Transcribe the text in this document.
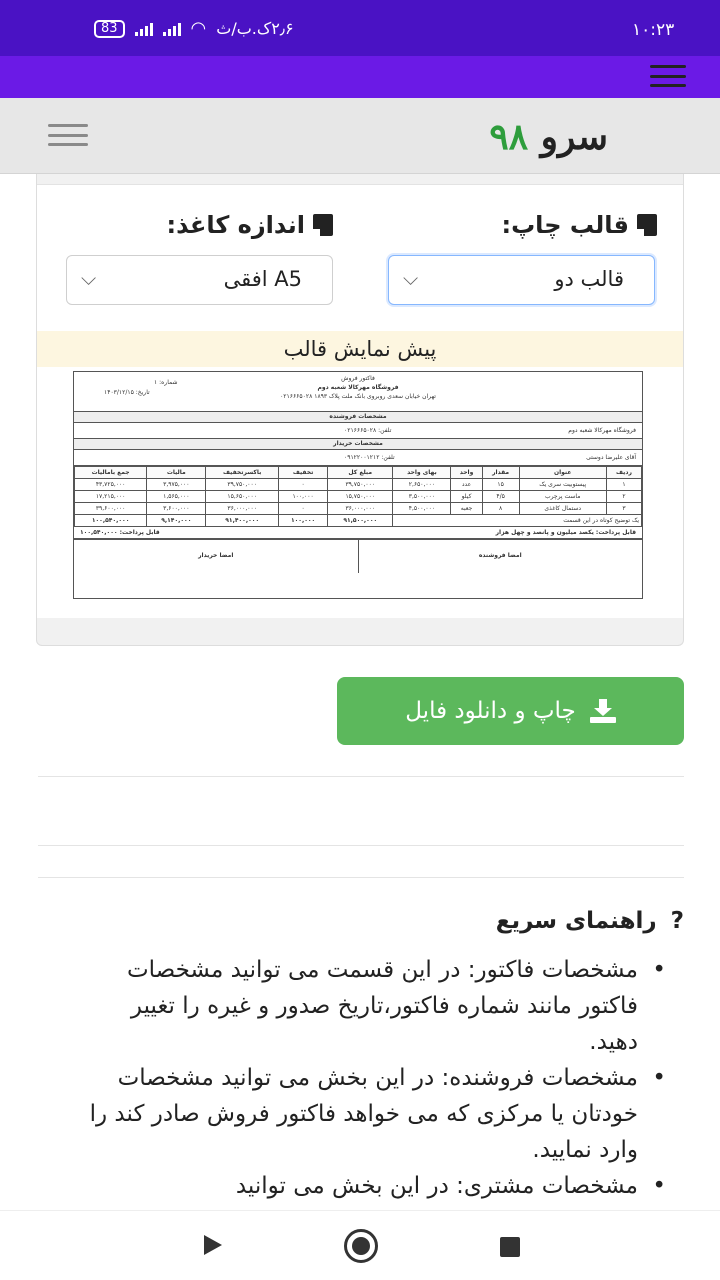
83	◠ ۲٫۶ک.ب/ث	۱۰:۲۳
سرو ۹۸
قالب چاپ:
اندازه کاغذ:
قالب دو
⌵
A5 افقی
⌵
پیش نمایش قالب
فاکتور فروش
فروشگاه مهرکالا شعبه دوم
تهران خیابان سعدی روبروی بانک ملت پلاک ۱۸۹۳ ۰۲۱۶۶۶۵۰۲۸
شماره: ۱
تاریخ: ۱۴۰۳/۱۲/۱۵
مشخصات فروشنده
فروشگاه مهرکالا شعبه دوم
تلفن: ۰۲۱۶۶۶۵۰۲۸
مشخصات خریدار
آقای علیرضا دوستی
تلفن: ۰۹۱۲۲۰۰۱۲۱۲
ردیف	عنوان	مقدار	واحد	بهای واحد	مبلغ کل	تخفیف	باکسرتخفیف	مالیات	جمع بامالیات
۱	پیستوبیت سری یک	۱۵	عدد	۲,۶۵۰,۰۰۰	۳۹,۷۵۰,۰۰۰	۰	۳۹,۷۵۰,۰۰۰	۳,۹۷۵,۰۰۰	۴۳,۷۲۵,۰۰۰
۲	ماست پرچرب	۴/۵	کیلو	۳,۵۰۰,۰۰۰	۱۵,۷۵۰,۰۰۰	۱۰۰,۰۰۰	۱۵,۶۵۰,۰۰۰	۱,۵۶۵,۰۰۰	۱۷,۲۱۵,۰۰۰
۳	دستمال کاغذی	۸	جعبه	۴,۵۰۰,۰۰۰	۳۶,۰۰۰,۰۰۰	۰	۳۶,۰۰۰,۰۰۰	۳,۶۰۰,۰۰۰	۳۹,۶۰۰,۰۰۰
یک توضیح کوتاه در این قسمت					۹۱,۵۰۰,۰۰۰	۱۰۰,۰۰۰	۹۱,۴۰۰,۰۰۰	۹,۱۴۰,۰۰۰	۱۰۰,۵۴۰,۰۰۰
قابل پرداخت: یکصد میلیون و پانصد و چهل هزار
قابل پرداخت: ۱۰۰,۵۴۰,۰۰۰
امضا فروشنده
امضا خریدار
چاپ و دانلود فایل
?
راهنمای سریع
• مشخصات فاکتور: در این قسمت می توانید مشخصات فاکتور مانند شماره فاکتور،تاریخ صدور و غیره را تغییر دهید.
• مشخصات فروشنده: در این بخش می توانید مشخصات خودتان یا مرکزی که می خواهد فاکتور فروش صادر کند را وارد نمایید.
• مشخصات مشتری: در این بخش می توانید
